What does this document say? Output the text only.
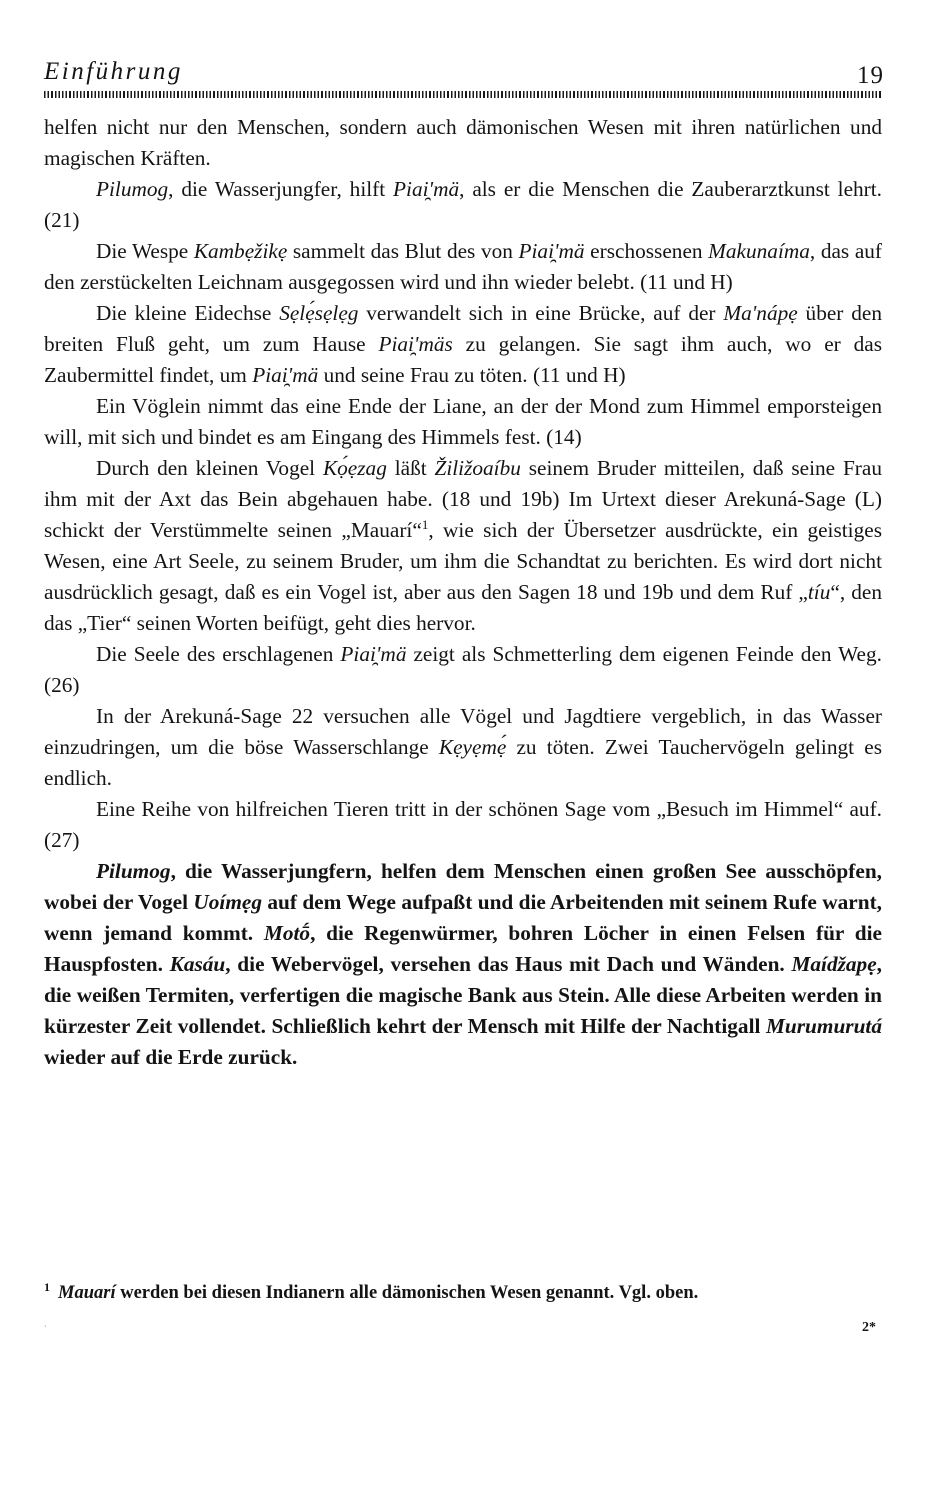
Einführung	19

helfen nicht nur den Menschen, sondern auch dämonischen Wesen mit ihren natürlichen und magischen Kräften.

Pilumog, die Wasserjungfer, hilft Piai̯'mä, als er die Menschen die Zauberarztkunst lehrt. (21)

Die Wespe Kambẹžikẹ sammelt das Blut des von Piai̯'mä erschossenen Makunaíma, das auf den zerstückelten Leichnam ausgegossen wird und ihn wieder belebt. (11 und H)

Die kleine Eidechse Sẹlẹ́sẹlẹg verwandelt sich in eine Brücke, auf der Ma'nápẹ über den breiten Fluß geht, um zum Hause Piai̯'mäs zu gelangen. Sie sagt ihm auch, wo er das Zaubermittel findet, um Piai̯'mä und seine Frau zu töten. (11 und H)

Ein Vöglein nimmt das eine Ende der Liane, an der der Mond zum Himmel emporsteigen will, mit sich und bindet es am Eingang des Himmels fest. (14)

Durch den kleinen Vogel Kọ́ẹzag läßt Žiližoaíbu seinem Bruder mitteilen, daß seine Frau ihm mit der Axt das Bein abgehauen habe. (18 und 19b) Im Urtext dieser Arekuná-Sage (L) schickt der Verstümmelte seinen „Mauarí“$^1$, wie sich der Übersetzer ausdrückte, ein geistiges Wesen, eine Art Seele, zu seinem Bruder, um ihm die Schandtat zu berichten. Es wird dort nicht ausdrücklich gesagt, daß es ein Vogel ist, aber aus den Sagen 18 und 19b und dem Ruf „tíu“, den das „Tier“ seinen Worten beifügt, geht dies hervor.

Die Seele des erschlagenen Piai̯'mä zeigt als Schmetterling dem eigenen Feinde den Weg. (26)

In der Arekuná-Sage 22 versuchen alle Vögel und Jagdtiere vergeblich, in das Wasser einzudringen, um die böse Wasserschlange Kẹyẹmẹ́ zu töten. Zwei Tauchervögeln gelingt es endlich.

Eine Reihe von hilfreichen Tieren tritt in der schönen Sage vom „Besuch im Himmel“ auf. (27)

Pilumog, die Wasserjungfern, helfen dem Menschen einen großen See ausschöpfen, wobei der Vogel Uoímẹg auf dem Wege aufpaßt und die Arbeitenden mit seinem Rufe warnt, wenn jemand kommt. Motṓ, die Regenwürmer, bohren Löcher in einen Felsen für die Hauspfosten. Kasáu, die Webervögel, versehen das Haus mit Dach und Wänden. Maídžapẹ, die weißen Termiten, verfertigen die magische Bank aus Stein. Alle diese Arbeiten werden in kürzester Zeit vollendet. Schließlich kehrt der Mensch mit Hilfe der Nachtigall Murumurutá wieder auf die Erde zurück.

$^1$ Mauarí werden bei diesen Indianern alle dämonischen Wesen genannt. Vgl. oben.
·	2*
